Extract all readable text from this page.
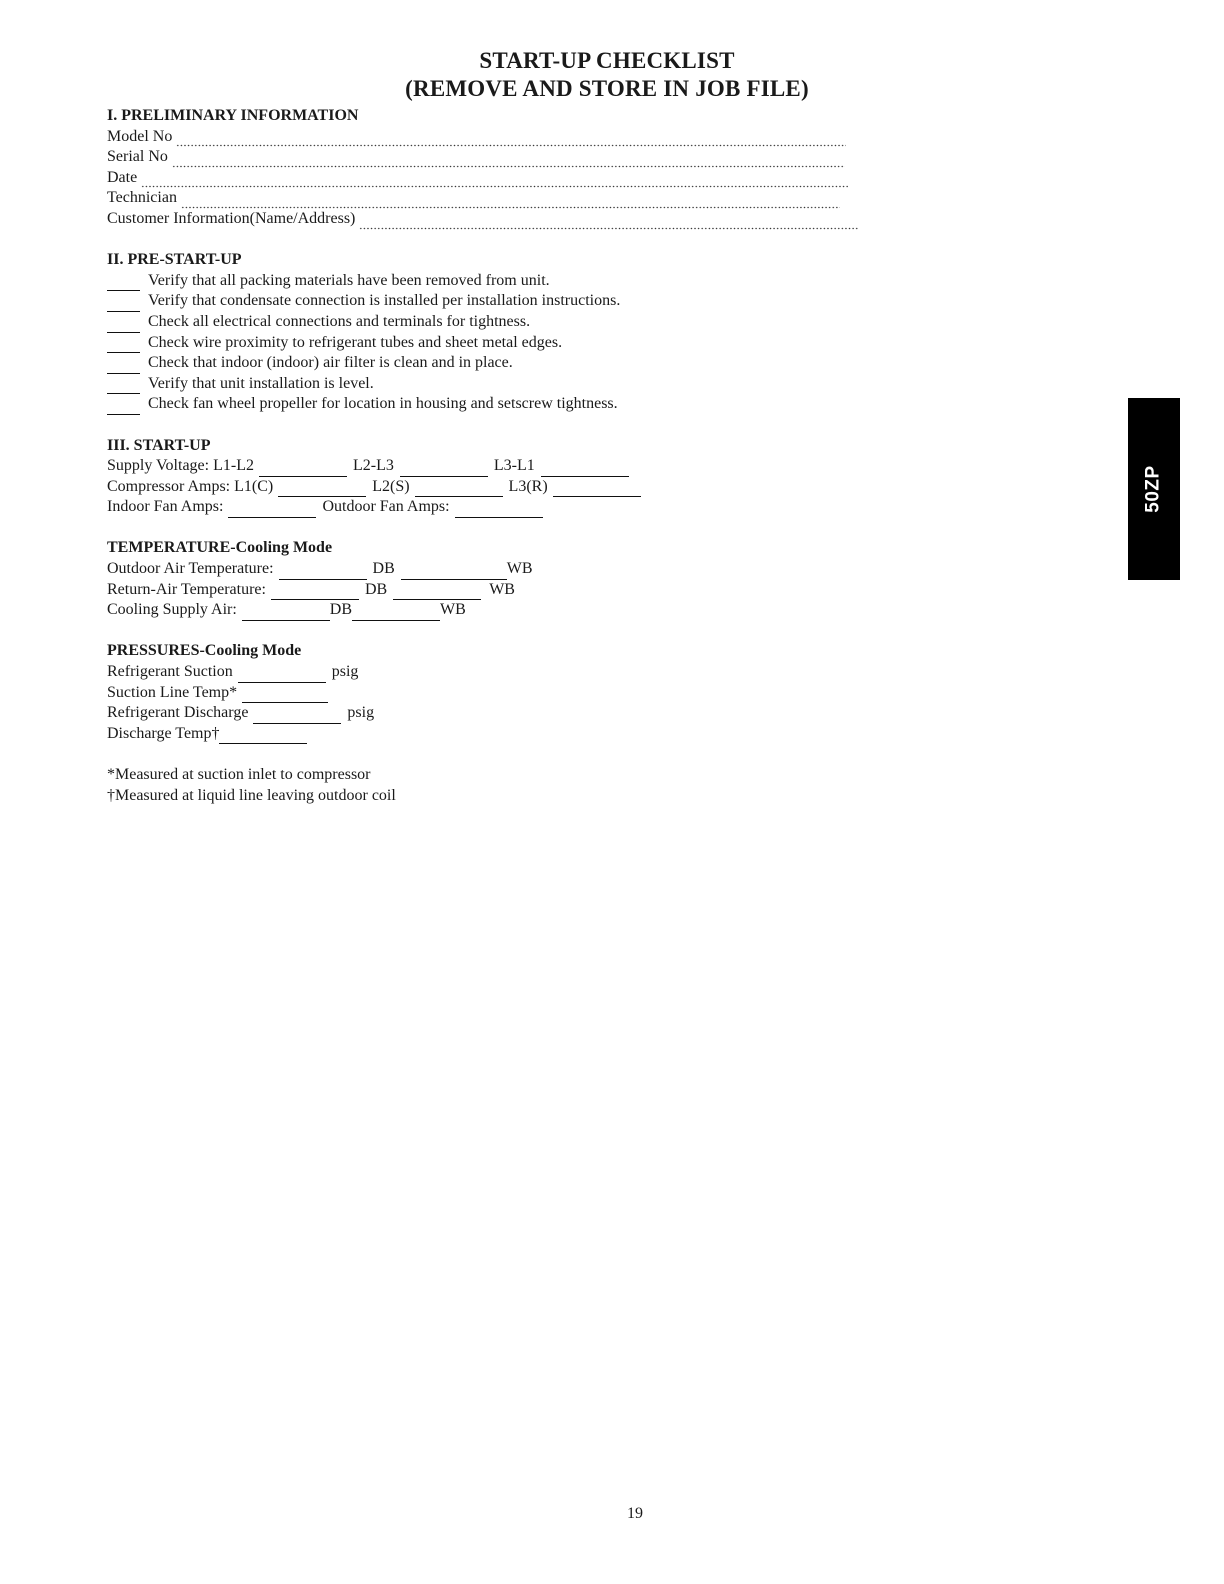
START-UP CHECKLIST
(REMOVE AND STORE IN JOB FILE)
I. PRELIMINARY INFORMATION
Model No
Serial No
Date
Technician
Customer Information(Name/Address)
II. PRE-START-UP
Verify that all packing materials have been removed from unit.
Verify that condensate connection is installed per installation instructions.
Check all electrical connections and terminals for tightness.
Check wire proximity to refrigerant tubes and sheet metal edges.
Check that indoor (indoor) air filter is clean and in place.
Verify that unit installation is level.
Check fan wheel propeller for location in housing and setscrew tightness.
III. START-UP
Supply Voltage: L1-L2	L2-L3	L3-L1
Compressor Amps: L1(C)	L2(S)	L3(R)
Indoor Fan Amps:	Outdoor Fan Amps:
TEMPERATURE-Cooling Mode
Outdoor Air Temperature:	DB	WB
Return-Air Temperature:	DB	WB
Cooling Supply Air:	DB	WB
PRESSURES-Cooling Mode
Refrigerant Suction	psig
Suction Line Temp*
Refrigerant Discharge	psig
Discharge Temp†
*Measured at suction inlet to compressor
†Measured at liquid line leaving outdoor coil
50ZP
19
